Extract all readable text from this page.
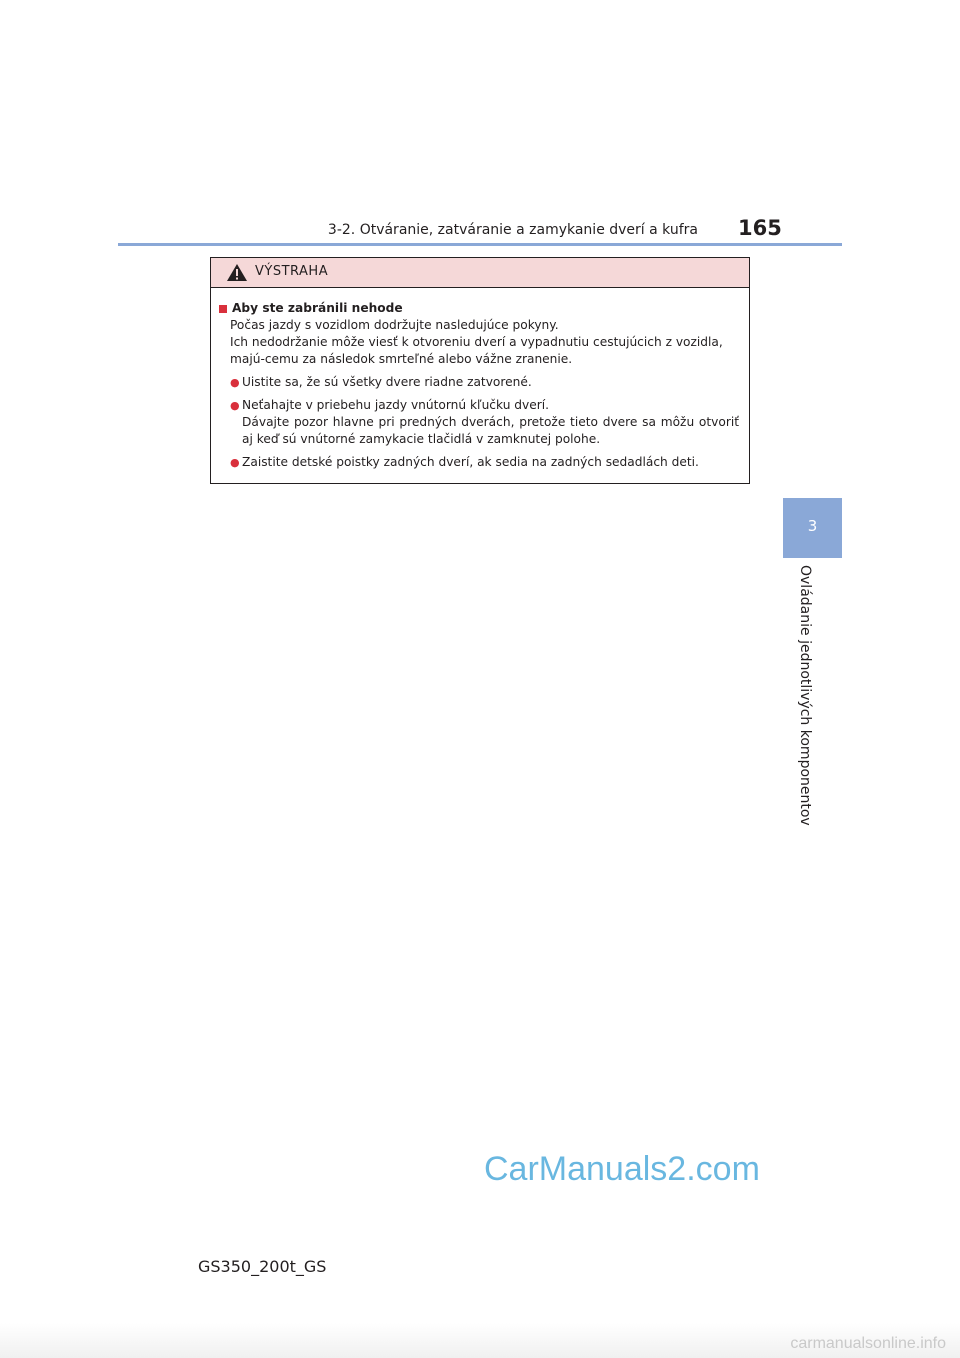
3-2. Otváranie, zatváranie a zamykanie dverí a kufra 165
3
Ovládanie jednotlivých komponentov
VÝSTRAHA
Aby ste zabránili nehode
Počas jazdy s vozidlom dodržujte nasledujúce pokyny.
Ich nedodržanie môže viesť k otvoreniu dverí a vypadnutiu cestujúcich z vozidla, majú-cemu za následok smrteľné alebo vážne zranenie.
● Uistite sa, že sú všetky dvere riadne zatvorené.
● Neťahajte v priebehu jazdy vnútornú kľučku dverí.
Dávajte pozor hlavne pri predných dverách, pretože tieto dvere sa môžu otvoriť aj keď sú vnútorné zamykacie tlačidlá v zamknutej polohe.
● Zaistite detské poistky zadných dverí, ak sedia na zadných sedadlách deti.
GS350_200t_GS
CarManuals2.com
carmanualsonline.info
